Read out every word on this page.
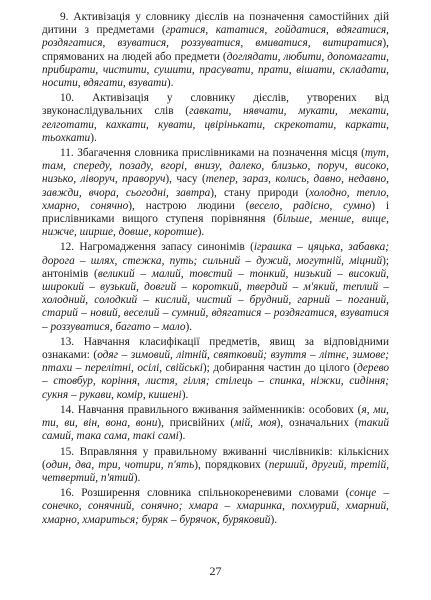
9. Активізація у словнику дієслів на позначення самостійних дій дитини з предметами (гратися, кататися, гойдатися, вдягатися, роздягатися, взуватися, роззуватися, вмиватися, витиратися), спрямованих на людей або предмети (доглядати, любити, допомагати, прибирати, чистити, сушити, прасувати, прати, вішати, складати, носити, вдягати, взувати).

10. Активізація у словнику дієслів, утворених від звуконаслідувальних слів (гавкати, нявчати, мукати, мекати, гелготати, кахкати, кувати, цвірінькати, скрекотати, каркати, тьохкати).

11. Збагачення словника прислівниками на позначення місця (тут, там, спереду, позаду, вгорі, внизу, далеко, близько, поруч, високо, низько, ліворуч, праворуч), часу (тепер, зараз, колись, давно, недавно, завжди, вчора, сьогодні, завтра), стану природи (холодно, тепло, хмарно, сонячно), настрою людини (весело, радісно, сумно) і прислівниками вищого ступеня порівняння (більше, менше, вище, нижче, ширше, довше, коротше).

12. Нагромадження запасу синонімів (іграшка – цяцька, забавка; дорога – шлях, стежка, путь; сильний – дужий, могутній, міцний); антонімів (великий – малий, товстий – тонкий, низький – високий, широкий – вузький, довгий – короткий, твердий – м'який, теплий – холодний, солодкий – кислий, чистий – брудний, гарний – поганий, старий – новий, веселий – сумний, вдягатися – роздягатися, взуватися – роззуватися, багато – мало).

13. Навчання класифікації предметів, явищ за відповідними ознаками: (одяг – зимовий, літній, святковий; взуття – літнє, зимове; птахи – перелітні, осілі, свійські); добирання частин до цілого (дерево – стовбур, коріння, листя, гілля; стілець – спинка, ніжки, сидіння; сукня – рукави, комір, кишені).

14. Навчання правильного вживання займенників: особових (я, ми, ти, ви, він, вона, вони), присвійних (мій, моя), означальних (такий самий, така сама, такі самі).

15. Вправляння у правильному вживанні числівників: кількісних (один, два, три, чотири, п'ять), порядкових (перший, другий, третій, четвертий, п'ятий).

16. Розширення словника спільнокореневими словами (сонце – сонечко, сонячний, сонячно; хмара – хмаринка, похмурий, хмарний, хмарно, хмариться; буряк – бурячок, буряковий).

27
